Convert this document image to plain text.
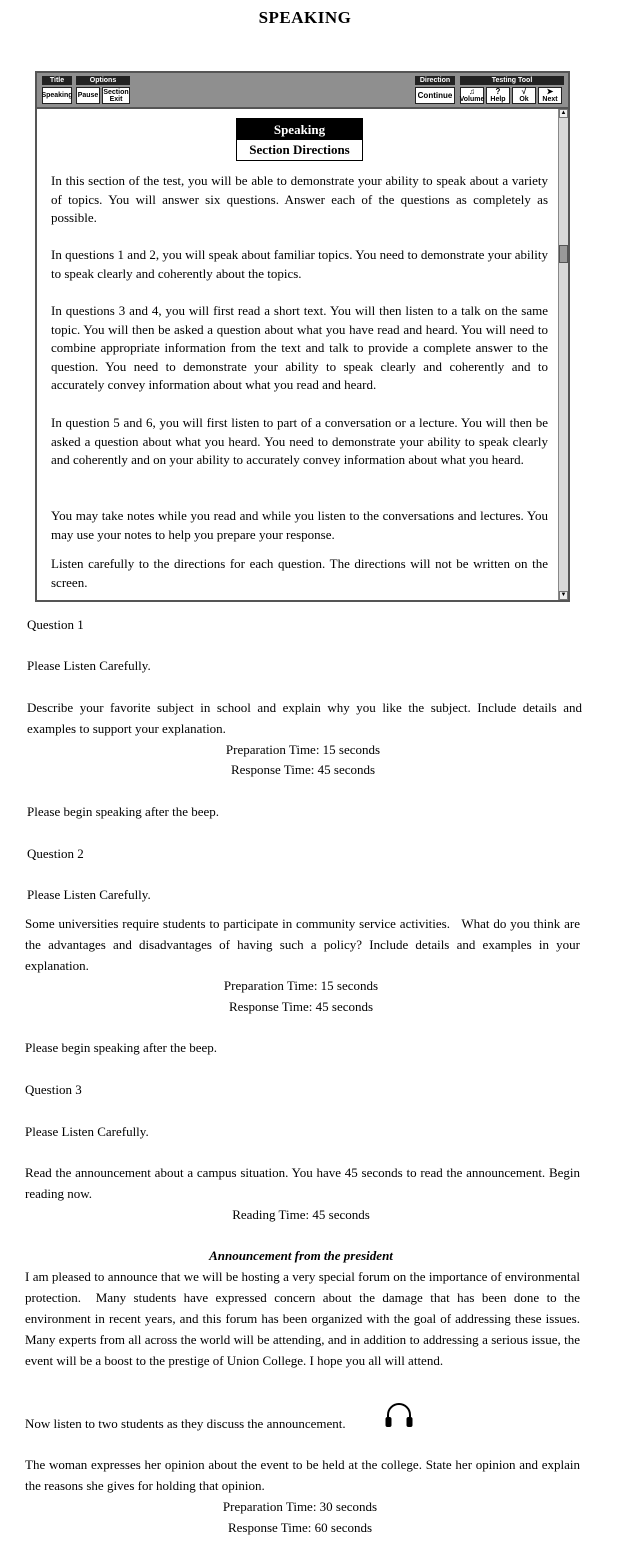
SPEAKING
Title
Speaking
Options
Pause Section
Exit
Direction
Continue
Testing Tool
♫
Volume
?
Help
√
Ok
➤
Next
Speaking
Section Directions

In this section of the test, you will be able to demonstrate your ability to speak about a variety of topics. You will answer six questions. Answer each of the questions as completely as possible.

In questions 1 and 2, you will speak about familiar topics. You need to demonstrate your ability to speak clearly and coherently about the topics.

In questions 3 and 4, you will first read a short text. You will then listen to a talk on the same topic. You will then be asked a question about what you have read and heard. You will need to combine appropriate information from the text and talk to provide a complete answer to the question. You need to demonstrate your ability to speak clearly and coherently and to accurately convey information about what you read and heard.

In question 5 and 6, you will first listen to part of a conversation or a lecture. You will then be asked a question about what you heard. You need to demonstrate your ability to speak clearly and coherently and on your ability to accurately convey information about what you heard.

You may take notes while you read and while you listen to the conversations and lectures. You may use your notes to help you prepare your response.

Listen carefully to the directions for each question. The directions will not be written on the screen.

▲
▼
Question 1
Please Listen Carefully.
Describe your favorite subject in school and explain why you like the subject. Include details and examples to support your explanation.
Preparation Time: 15 seconds
Response Time: 45 seconds
Please begin speaking after the beep.
Question 2
Please Listen Carefully.
Some universities require students to participate in community service activities.   What do you think are the advantages and disadvantages of having such a policy? Include details and examples in your explanation.
Preparation Time: 15 seconds
Response Time: 45 seconds
Please begin speaking after the beep.
Question 3
Please Listen Carefully.
Read the announcement about a campus situation. You have 45 seconds to read the announcement. Begin reading now.
Reading Time: 45 seconds
Announcement from the president
I am pleased to announce that we will be hosting a very special forum on the importance of environmental protection.  Many students have expressed concern about the damage that has been done to the environment in recent years, and this forum has been organized with the goal of addressing these issues.  Many experts from all across the world will be attending, and in addition to addressing a serious issue, the event will be a boost to the prestige of Union College. I hope you all will attend.
Now listen to two students as they discuss the announcement.
The woman expresses her opinion about the event to be held at the college. State her opinion and explain the reasons she gives for holding that opinion.
Preparation Time: 30 seconds
Response Time: 60 seconds
